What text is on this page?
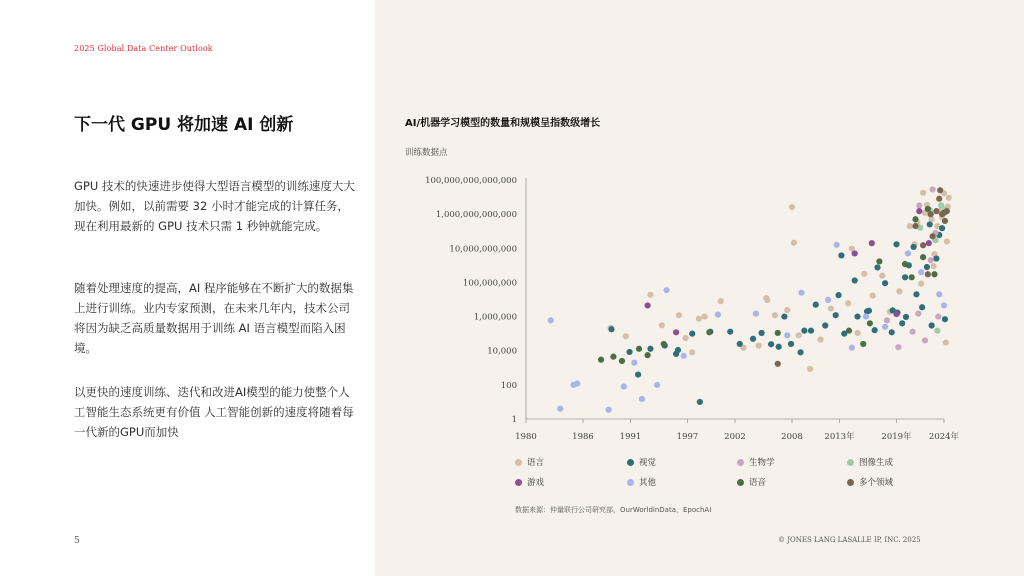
2025 Global Data Center Outlook
下一代 GPU 将加速 AI 创新
GPU 技术的快速进步使得大型语言模型的训练速度大大加快。例如，以前需要 32 小时才能完成的计算任务，现在利用最新的 GPU 技术只需 1 秒钟就能完成。
随着处理速度的提高，AI 程序能够在不断扩大的数据集上进行训练。业内专家预测，在未来几年内，技术公司将因为缺乏高质量数据用于训练 AI 语言模型而陷入困境。
以更快的速度训练、迭代和改进AI模型的能力使整个人工智能生态系统更有价值 人工智能创新的速度将随着每一代新的GPU而加快
5
AI/机器学习模型的数量和规模呈指数级增长
训练数据点
1
100
10,000
1,000,000
100,000,000
10,000,000,000
1,000,000,000,000
100,000,000,000,000
1980	1986	1991	1997	2002	2008	2013年	2019年 2024年
语言	视觉	生物学	图像生成
游戏	其他	语音	多个领域
数据来源：仲量联行公司研究部，OurWorldinData，EpochAI
© JONES LANG LASALLE IP, INC. 2025
